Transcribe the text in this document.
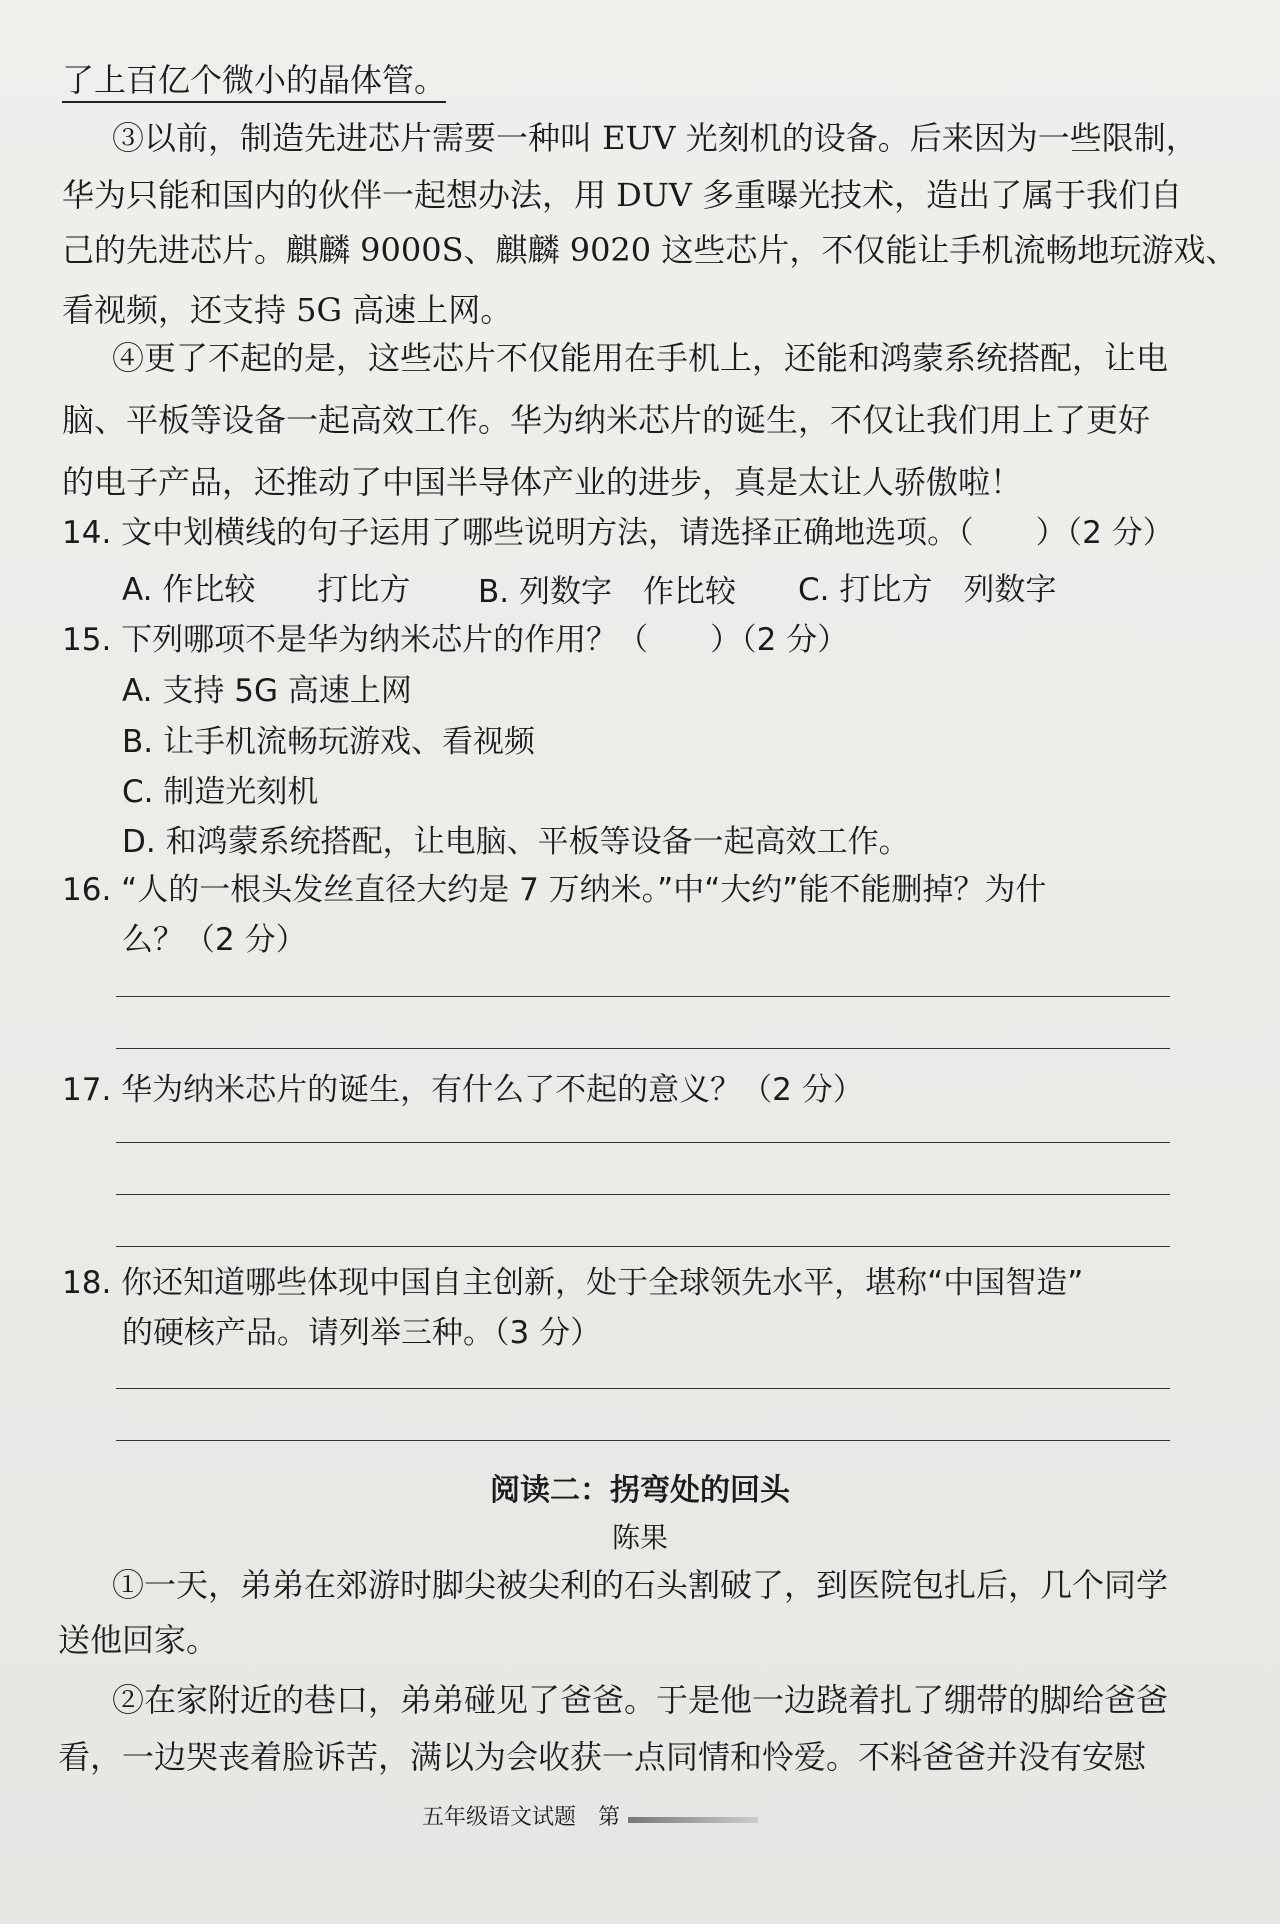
了上百亿个微小的晶体管。
③以前，制造先进芯片需要一种叫 EUV 光刻机的设备。后来因为一些限制，
华为只能和国内的伙伴一起想办法，用 DUV 多重曝光技术，造出了属于我们自
己的先进芯片。麒麟 9000S、麒麟 9020 这些芯片，不仅能让手机流畅地玩游戏、
看视频，还支持 5G 高速上网。
④更了不起的是，这些芯片不仅能用在手机上，还能和鸿蒙系统搭配，让电
脑、平板等设备一起高效工作。华为纳米芯片的诞生，不仅让我们用上了更好
的电子产品，还推动了中国半导体产业的进步，真是太让人骄傲啦！
14. 文中划横线的句子运用了哪些说明方法，请选择正确地选项。（　　）（2 分）
A. 作比较　　打比方 B. 列数字　作比较 C. 打比方　列数字
15. 下列哪项不是华为纳米芯片的作用？（　　）（2 分）
A. 支持 5G 高速上网
B. 让手机流畅玩游戏、看视频
C. 制造光刻机
D. 和鸿蒙系统搭配，让电脑、平板等设备一起高效工作。
16. “人的一根头发丝直径大约是 7 万纳米。”中“大约”能不能删掉？为什
么？（2 分）
17. 华为纳米芯片的诞生，有什么了不起的意义？（2 分）
18. 你还知道哪些体现中国自主创新，处于全球领先水平，堪称“中国智造”
的硬核产品。请列举三种。（3 分）
阅读二：拐弯处的回头
陈果
①一天，弟弟在郊游时脚尖被尖利的石头割破了，到医院包扎后，几个同学
送他回家。
②在家附近的巷口，弟弟碰见了爸爸。于是他一边跷着扎了绷带的脚给爸爸
看，一边哭丧着脸诉苦，满以为会收获一点同情和怜爱。不料爸爸并没有安慰
五年级语文试题　第
